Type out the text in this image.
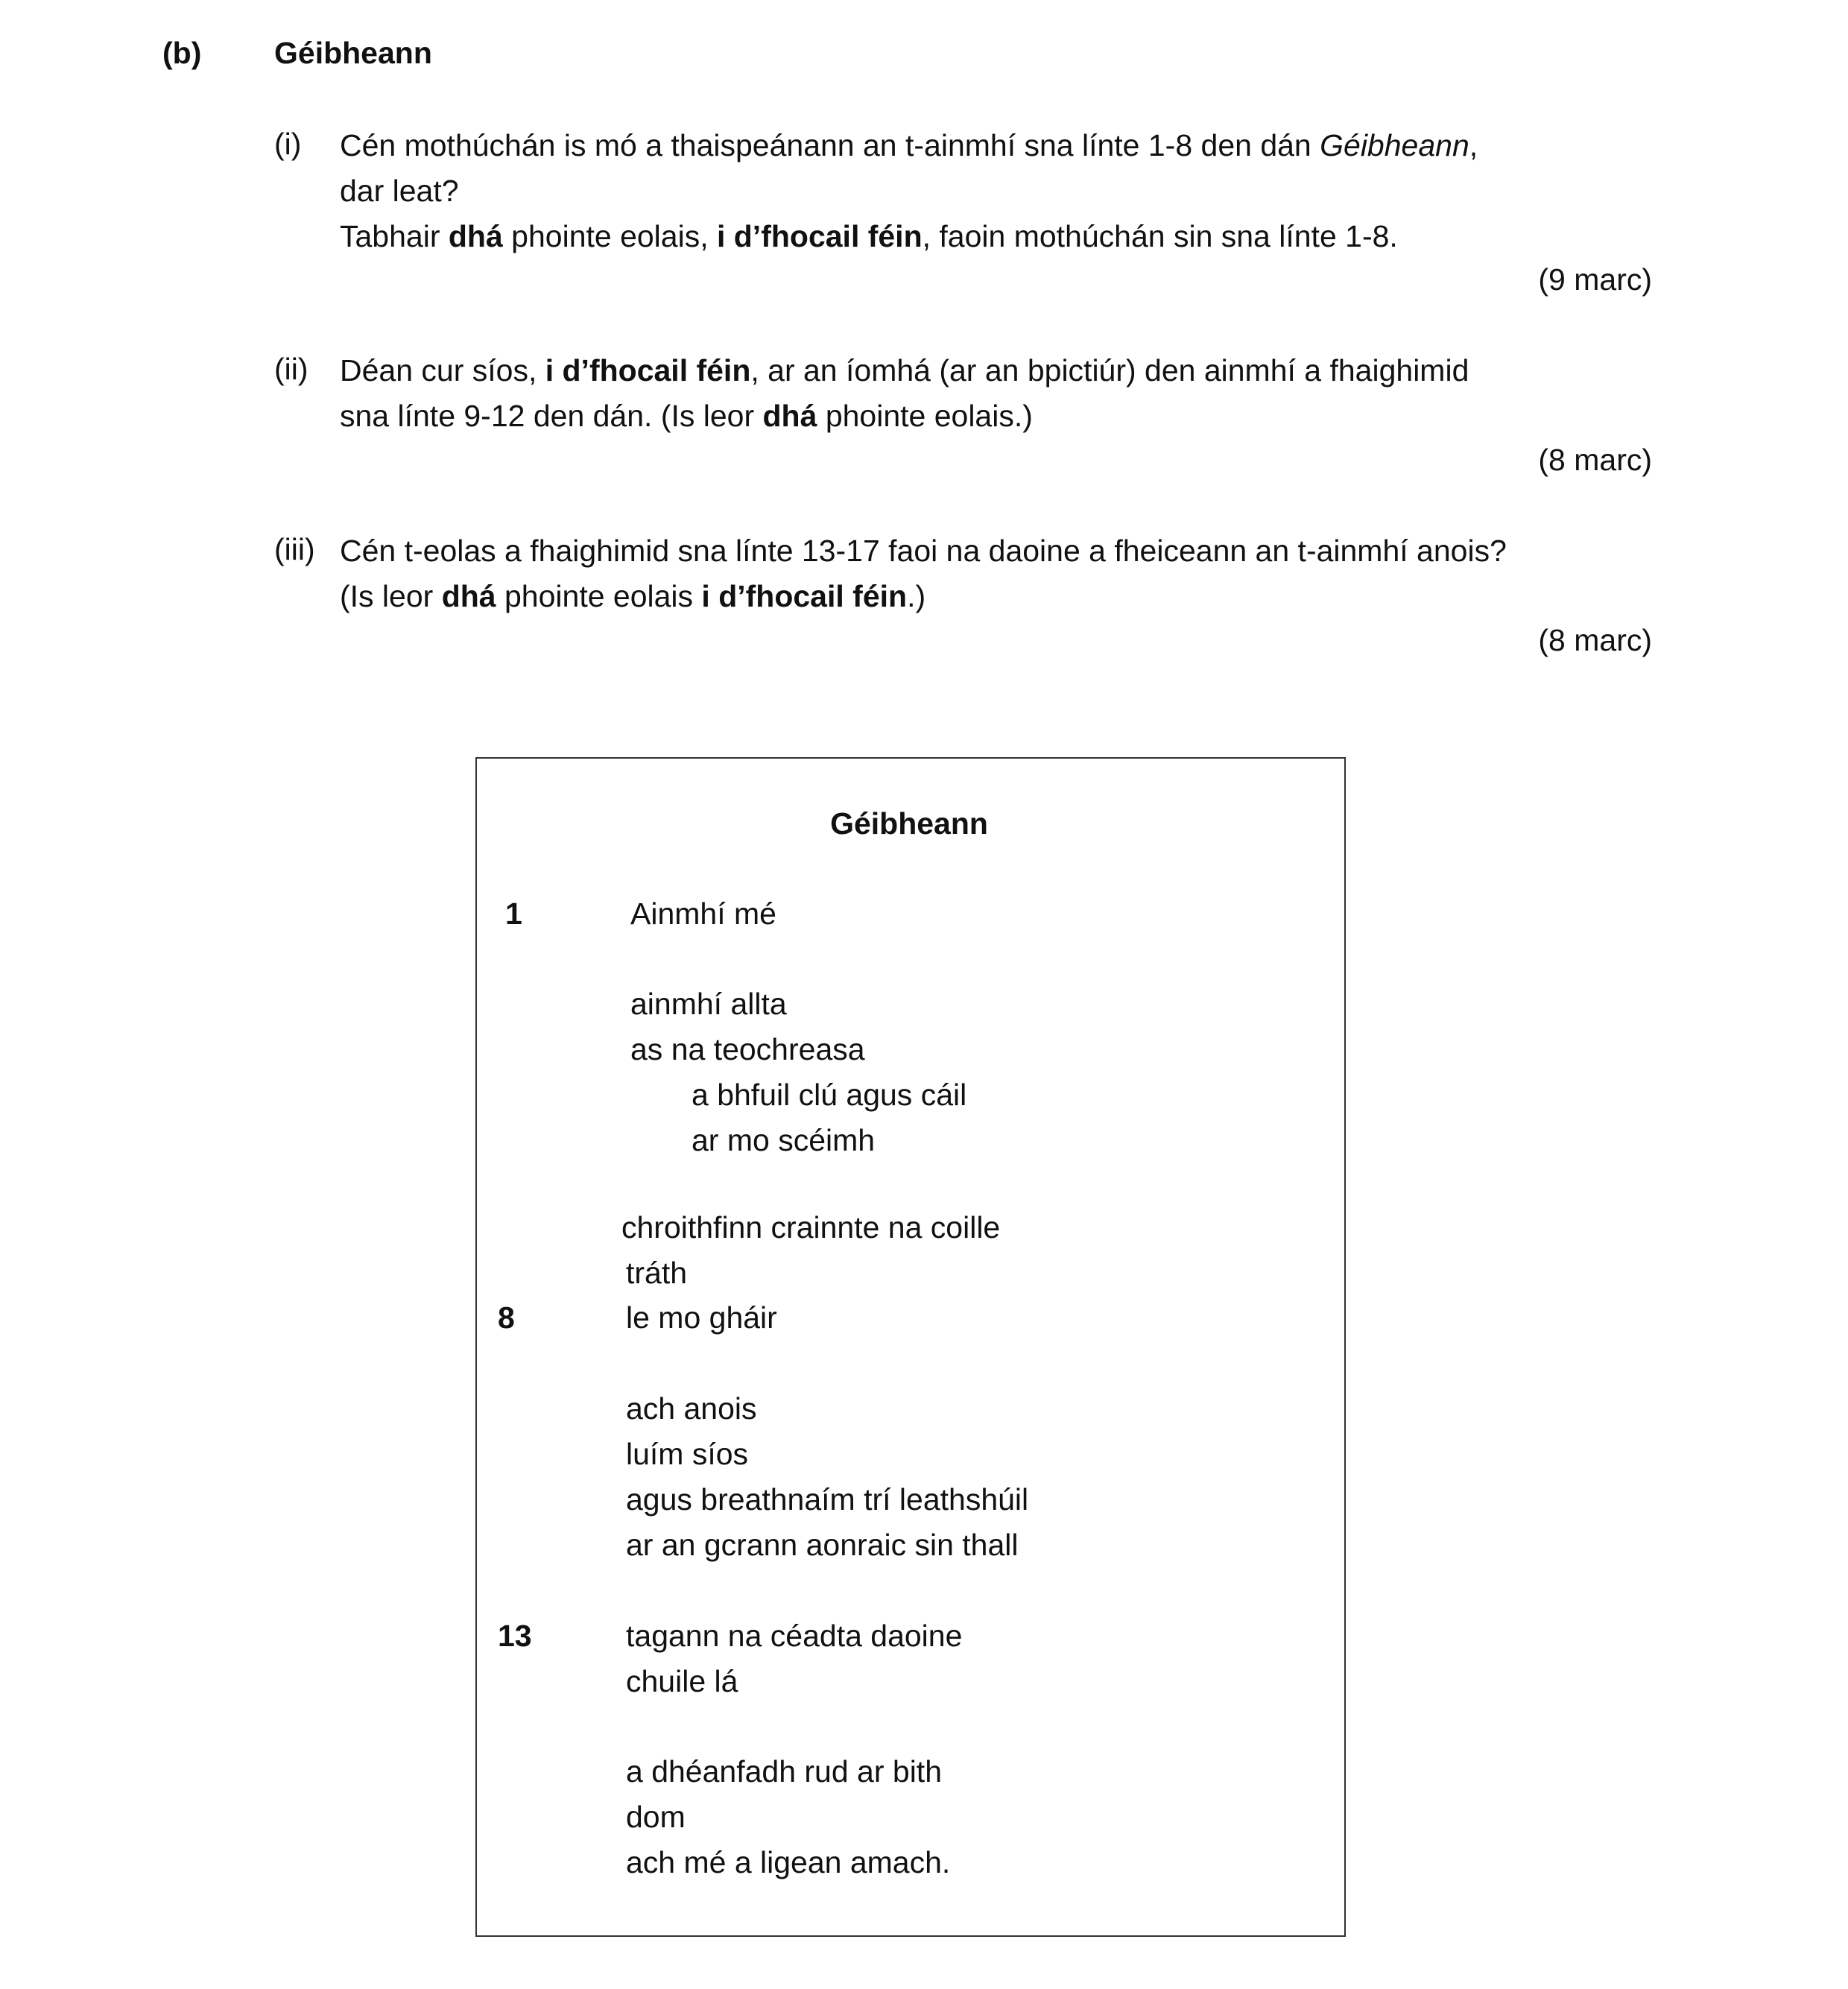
(b) Géibheann
(i) Cén mothúchán is mó a thaispeánann an t-ainmhí sna línte 1-8 den dán Géibheann,
dar leat?
Tabhair dhá phointe eolais, i d’fhocail féin, faoin mothúchán sin sna línte 1-8.
(9 marc)
(ii) Déan cur síos, i d’fhocail féin, ar an íomhá (ar an bpictiúr) den ainmhí a fhaighimid
sna línte 9-12 den dán. (Is leor dhá phointe eolais.)
(8 marc)
(iii) Cén t-eolas a fhaighimid sna línte 13-17 faoi na daoine a fheiceann an t-ainmhí anois?
(Is leor dhá phointe eolais i d’fhocail féin.)
(8 marc)
Géibheann
1
8
13
Ainmhí mé
ainmhí allta
as na teochreasa
a bhfuil clú agus cáil
ar mo scéimh
chroithfinn crainnte na coille
tráth
le mo gháir
ach anois
luím síos
agus breathnaím trí leathshúil
ar an gcrann aonraic sin thall
tagann na céadta daoine
chuile lá
a dhéanfadh rud ar bith
dom
ach mé a ligean amach.
